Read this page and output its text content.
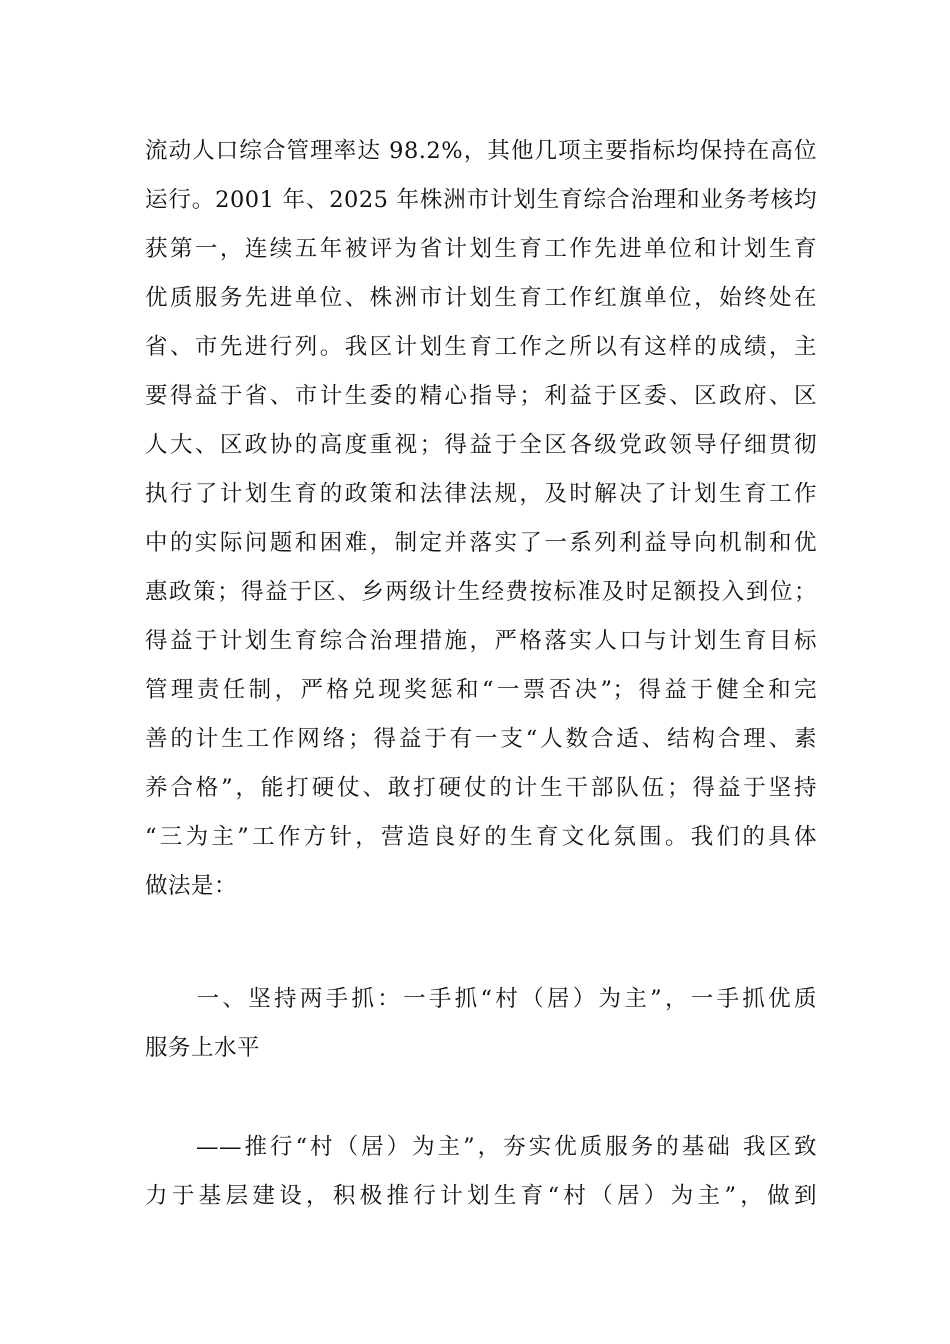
流动人口综合管理率达 98.2%，其他几项主要指标均保持在高位
运行。2001 年、2025 年株洲市计划生育综合治理和业务考核均
获第一，连续五年被评为省计划生育工作先进单位和计划生育
优质服务先进单位、株洲市计划生育工作红旗单位，始终处在
省、市先进行列。我区计划生育工作之所以有这样的成绩，主
要得益于省、市计生委的精心指导；利益于区委、区政府、区
人大、区政协的高度重视；得益于全区各级党政领导仔细贯彻
执行了计划生育的政策和法律法规，及时解决了计划生育工作
中的实际问题和困难，制定并落实了一系列利益导向机制和优
惠政策；得益于区、乡两级计生经费按标准及时足额投入到位；
得益于计划生育综合治理措施，严格落实人口与计划生育目标
管理责任制，严格兑现奖惩和“一票否决”；得益于健全和完
善的计生工作网络；得益于有一支“人数合适、结构合理、素
养合格”，能打硬仗、敢打硬仗的计生干部队伍；得益于坚持
“三为主”工作方针，营造良好的生育文化氛围。我们的具体
做法是：
　　一、坚持两手抓：一手抓“村（居）为主”，一手抓优质
服务上水平
　　——推行“村（居）为主”，夯实优质服务的基础 我区致
力于基层建设，积极推行计划生育“村（居）为主”，做到
